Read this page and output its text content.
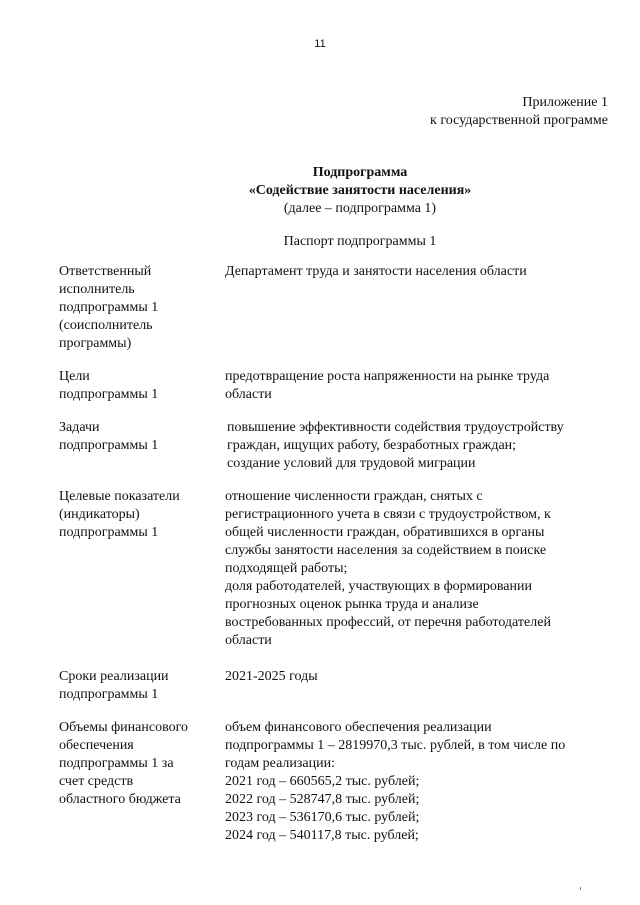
11
Приложение 1
к государственной программе
Подпрограмма
«Содействие занятости населения»
(далее – подпрограмма 1)
Паспорт подпрограммы 1
Ответственный
исполнитель
подпрограммы 1
(соисполнитель
программы)
Департамент труда и занятости населения области
Цели
подпрограммы 1
предотвращение роста напряженности на рынке труда
области
Задачи
подпрограммы 1
повышение эффективности содействия трудоустройству
граждан, ищущих работу, безработных граждан;
создание условий для трудовой миграции
Целевые показатели
(индикаторы)
подпрограммы 1
отношение численности граждан, снятых с
регистрационного учета в связи с трудоустройством, к
общей численности граждан, обратившихся в органы
службы занятости населения за содействием в поиске
подходящей работы;
доля работодателей, участвующих в формировании
прогнозных оценок рынка труда и анализе
востребованных профессий, от перечня работодателей
области
Сроки реализации
подпрограммы 1
2021-2025 годы
Объемы финансового
обеспечения
подпрограммы 1 за
счет средств
областного бюджета
объем финансового обеспечения реализации
подпрограммы 1 – 2819970,3 тыс. рублей, в том числе по
годам реализации:
2021 год – 660565,2 тыс. рублей;
2022 год – 528747,8 тыс. рублей;
2023 год – 536170,6 тыс. рублей;
2024 год – 540117,8 тыс. рублей;
